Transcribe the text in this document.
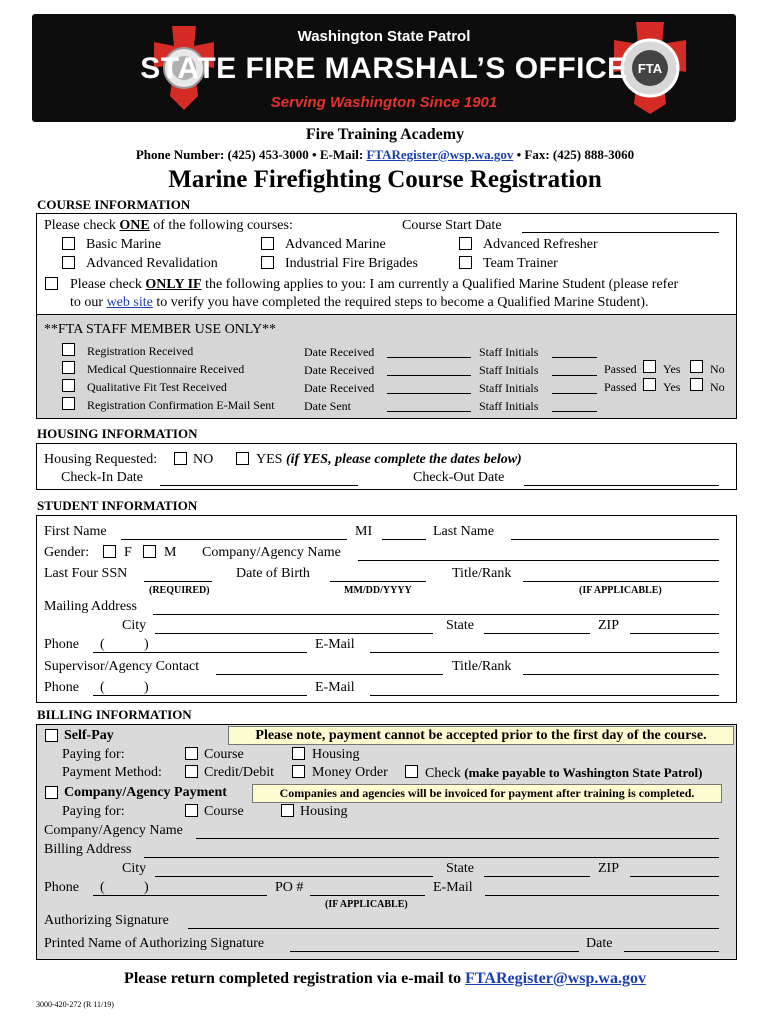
FTA
Washington State Patrol
STATE FIRE MARSHAL’S OFFICE
Serving Washington Since 1901
Fire Training Academy
Phone Number: (425) 453-3000 • E-Mail: FTARegister@wsp.wa.gov • Fax: (425) 888-3060
Marine Firefighting Course Registration
COURSE INFORMATION
Please check ONE of the following courses:	Course Start Date
Basic Marine	Advanced Marine	Advanced Refresher
Advanced Revalidation	Industrial Fire Brigades	Team Trainer
Please check ONLY IF the following applies to you: I am currently a Qualified Marine Student (please refer
to our web site to verify you have completed the required steps to become a Qualified Marine Student).
**FTA STAFF MEMBER USE ONLY**
Registration Received	Date Received	Staff Initials
Medical Questionnaire Received	Date Received	Staff Initials	Passed Yes No
Qualitative Fit Test Received	Date Received	Staff Initials	Passed Yes No
Registration Confirmation E-Mail Sent Date Sent	Staff Initials
HOUSING INFORMATION
Housing Requested:	NO	YES (if YES, please complete the dates below)
Check-In Date	Check-Out Date
STUDENT INFORMATION
First Name	MI	Last Name
Gender: F M Company/Agency Name
Last Four SSN	Date of Birth	Title/Rank
(REQUIRED)	MM/DD/YYYY	(IF APPLICABLE)
Mailing Address
City	State	ZIP
Phone (	)	E-Mail
Supervisor/Agency Contact	Title/Rank
Phone (	)	E-Mail
BILLING INFORMATION
Self-Pay	Please note, payment cannot be accepted prior to the first day of the course.
Paying for:	Course	Housing
Payment Method:	Credit/Debit	Money Order	Check (make payable to Washington State Patrol)
Company/Agency Payment	Companies and agencies will be invoiced for payment after training is completed.
Paying for:	Course	Housing
Company/Agency Name
Billing Address
City	State	ZIP
Phone (	)	PO #	E-Mail
(IF APPLICABLE)
Authorizing Signature
Printed Name of Authorizing Signature	Date
Please return completed registration via e-mail to FTARegister@wsp.wa.gov
3000-420-272 (R 11/19)
